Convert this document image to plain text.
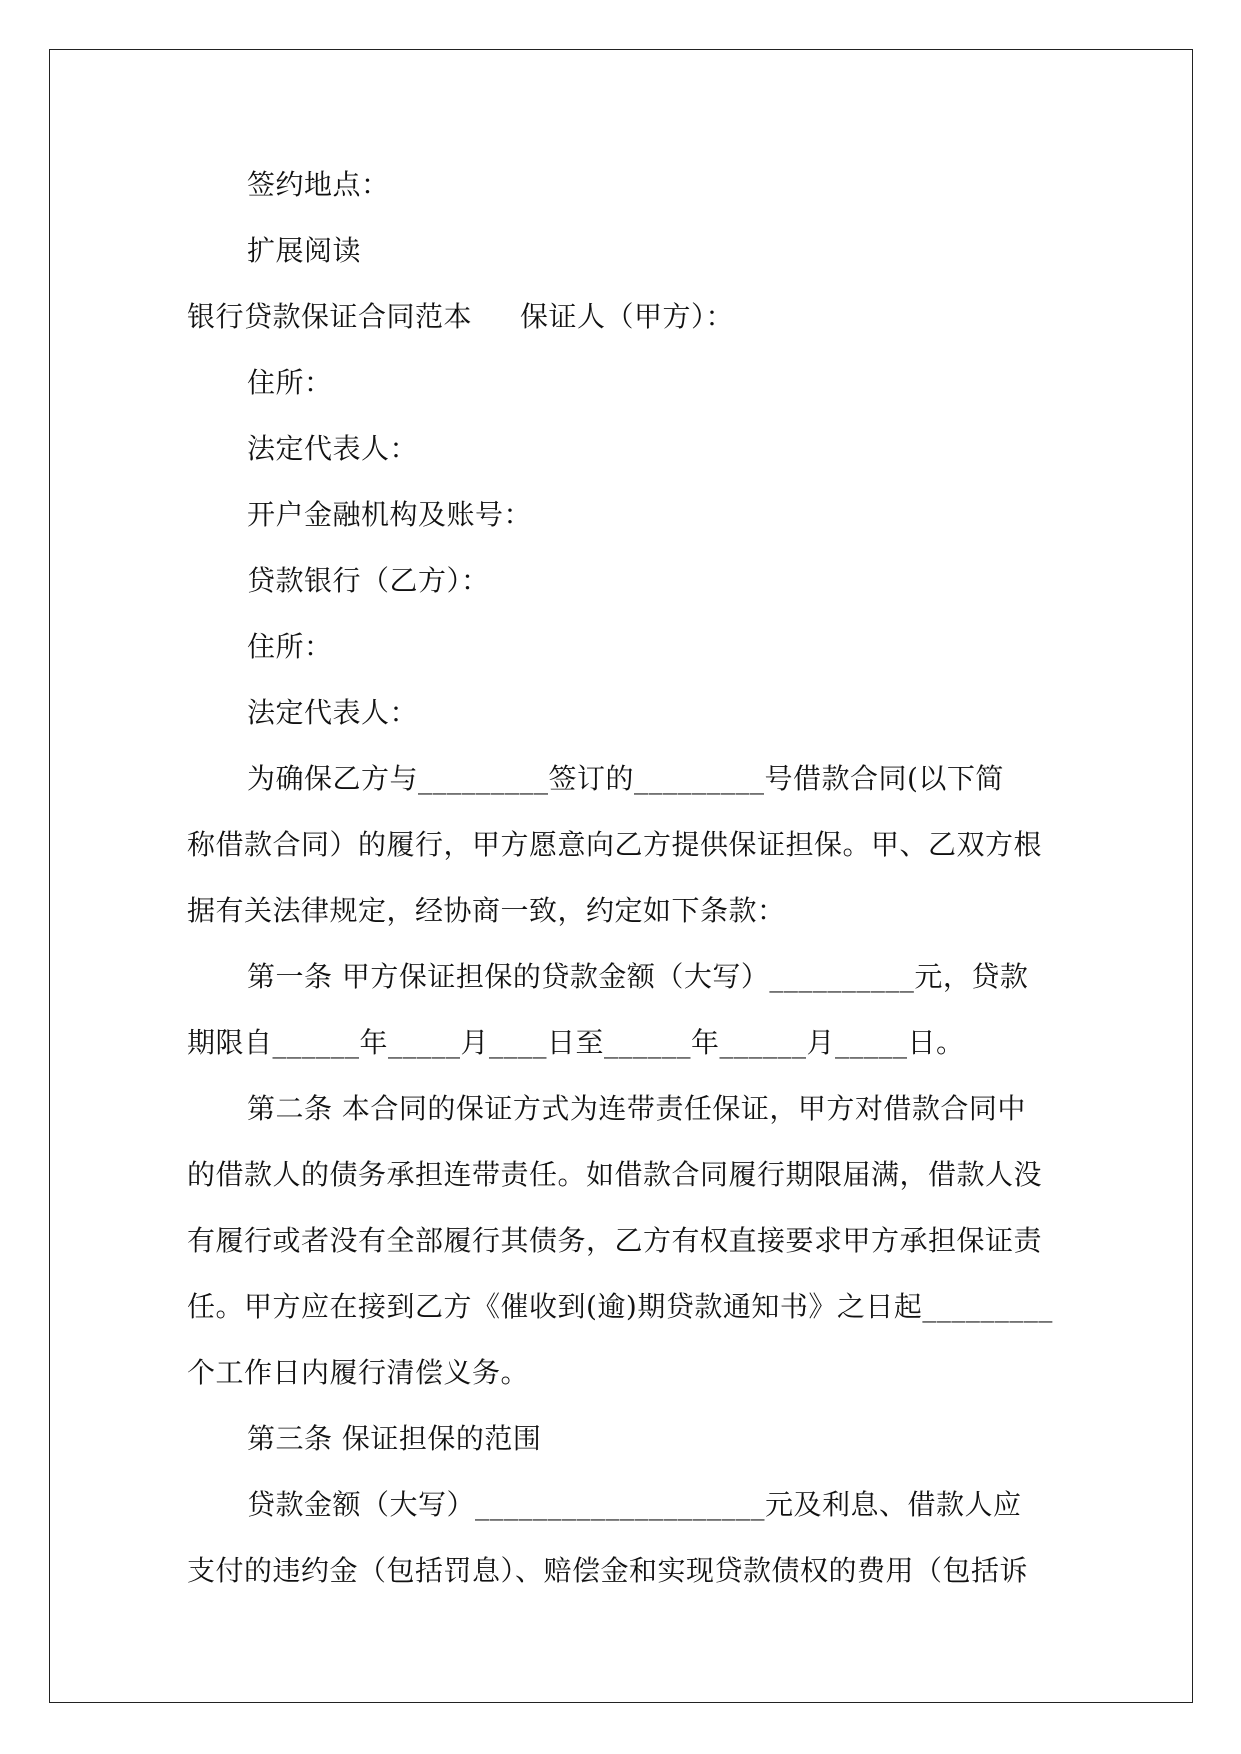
签约地点：
扩展阅读
银行贷款保证合同范本 保证人（甲方）：
住所：
法定代表人：
开户金融机构及账号：
贷款银行（乙方）：
住所：
法定代表人：
为确保乙方与_________签订的_________号借款合同(以下简
称借款合同）的履行，甲方愿意向乙方提供保证担保。甲、乙双方根
据有关法律规定，经协商一致，约定如下条款：
第一条 甲方保证担保的贷款金额（大写）__________元，贷款
期限自______年_____月____日至______年______月_____日。
第二条 本合同的保证方式为连带责任保证，甲方对借款合同中
的借款人的债务承担连带责任。如借款合同履行期限届满，借款人没
有履行或者没有全部履行其债务，乙方有权直接要求甲方承担保证责
任。甲方应在接到乙方《催收到(逾)期贷款通知书》之日起_________
个工作日内履行清偿义务。
第三条 保证担保的范围
贷款金额（大写）____________________元及利息、借款人应
支付的违约金（包括罚息）、赔偿金和实现贷款债权的费用（包括诉
